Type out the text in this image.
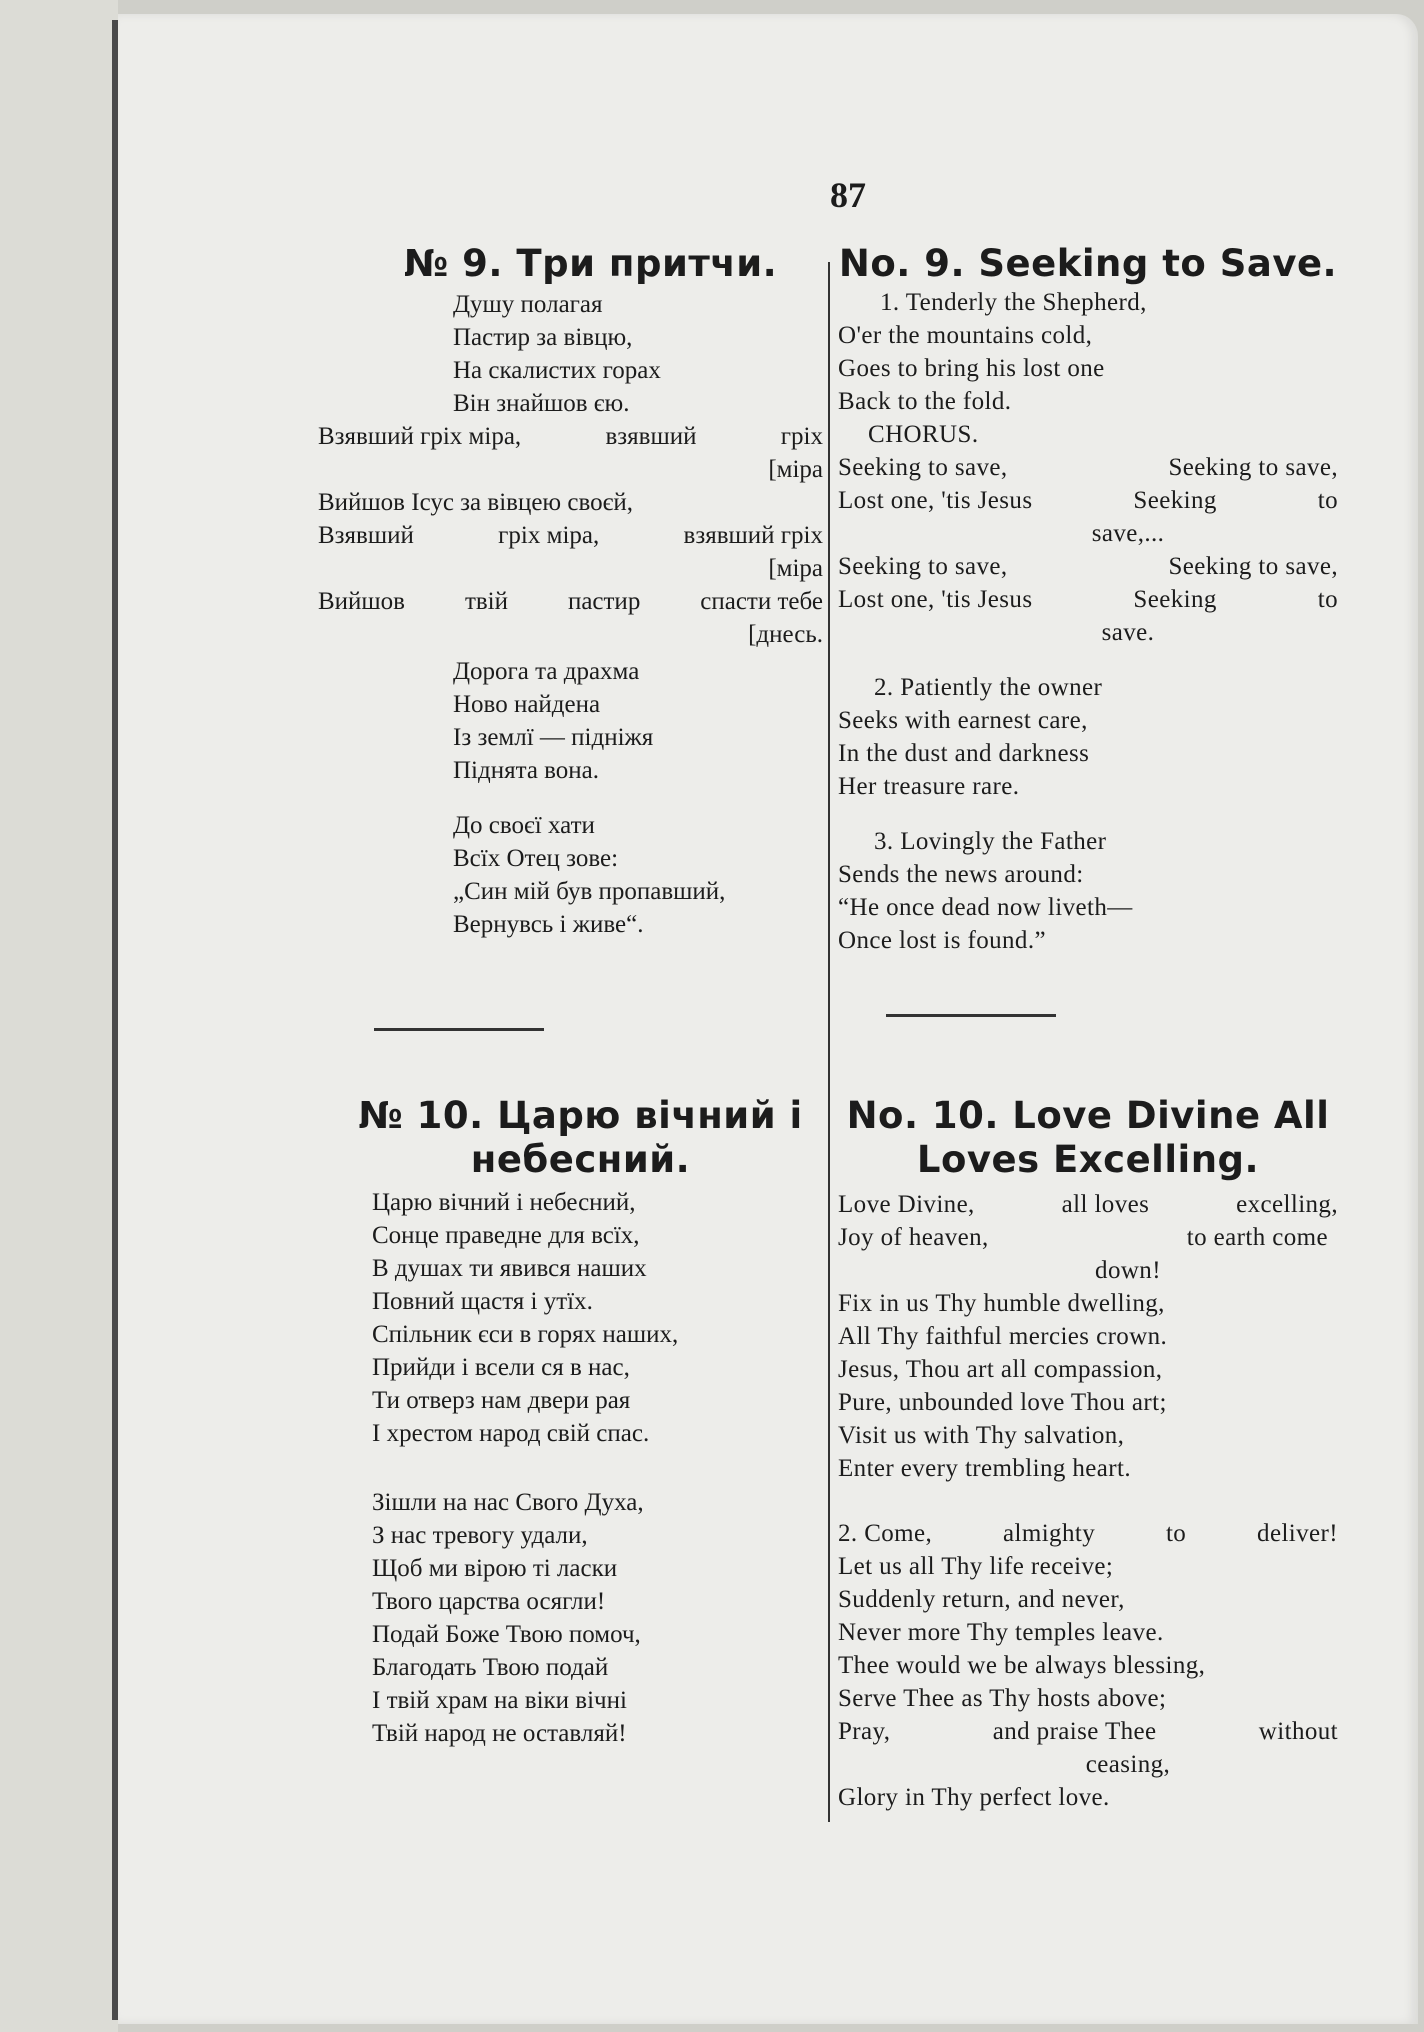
87
№ 9. Три притчи.
Душу полагая
Пастир за вівцю,
На скалистих горах
Він знайшов єю.
Взявший гріх міра,	взявший	гріх
[міра
Вийшов Ісус за вівцею своєй,
Взявший	гріх міра,	взявший гріх
[міра
Вийшов твій пастир спасти тебе
[днесь.
Дорога та драхма
Ново найдена
Із землї — підніжя
Піднята вона.
До своєї хати
Всїх Отец зове:
„Син мій був пропавший,
Вернувсь і живе“.
No. 9. Seeking to Save.
1. Tenderly the Shepherd,
O'er the mountains cold,
Goes to bring his lost one
Back to the fold.
CHORUS.
Seeking to save,	Seeking to save,
Lost one, 'tis Jesus	Seeking	to
save,...
Seeking to save,	Seeking to save,
Lost one, 'tis Jesus	Seeking	to
save.
2. Patiently the owner
Seeks with earnest care,
In the dust and darkness
Her treasure rare.
3. Lovingly the Father
Sends the news around:
“He once dead now liveth—
Once lost is found.”
№ 10. Царю вічний і
небесний.
Царю вічний і небесний,
Сонце праведне для всїх,
В душах ти явився наших
Повний щастя і утїх.
Спільник єси в горях наших,
Прийди і всели ся в нас,
Ти отверз нам двери рая
І хрестом народ свій спас.
Зішли на нас Свого Духа,
З нас тревогу удали,
Щоб ми вірою ті ласки
Твого царства осягли!
Подай Боже Твою помоч,
Благодать Твою подай
І твій храм на віки вічні
Твій народ не оставляй!
No. 10. Love Divine All
Loves Excelling.
Love Divine,	all loves	excelling,
Joy of heaven,	to earth come
down!
Fix in us Thy humble dwelling,
All Thy faithful mercies crown.
Jesus, Thou art all compassion,
Pure, unbounded love Thou art;
Visit us with Thy salvation,
Enter every trembling heart.
2. Come,	almighty	to	deliver!
Let us all Thy life receive;
Suddenly return, and never,
Never more Thy temples leave.
Thee would we be always blessing,
Serve Thee as Thy hosts above;
Pray,	and praise Thee	without
ceasing,
Glory in Thy perfect love.
